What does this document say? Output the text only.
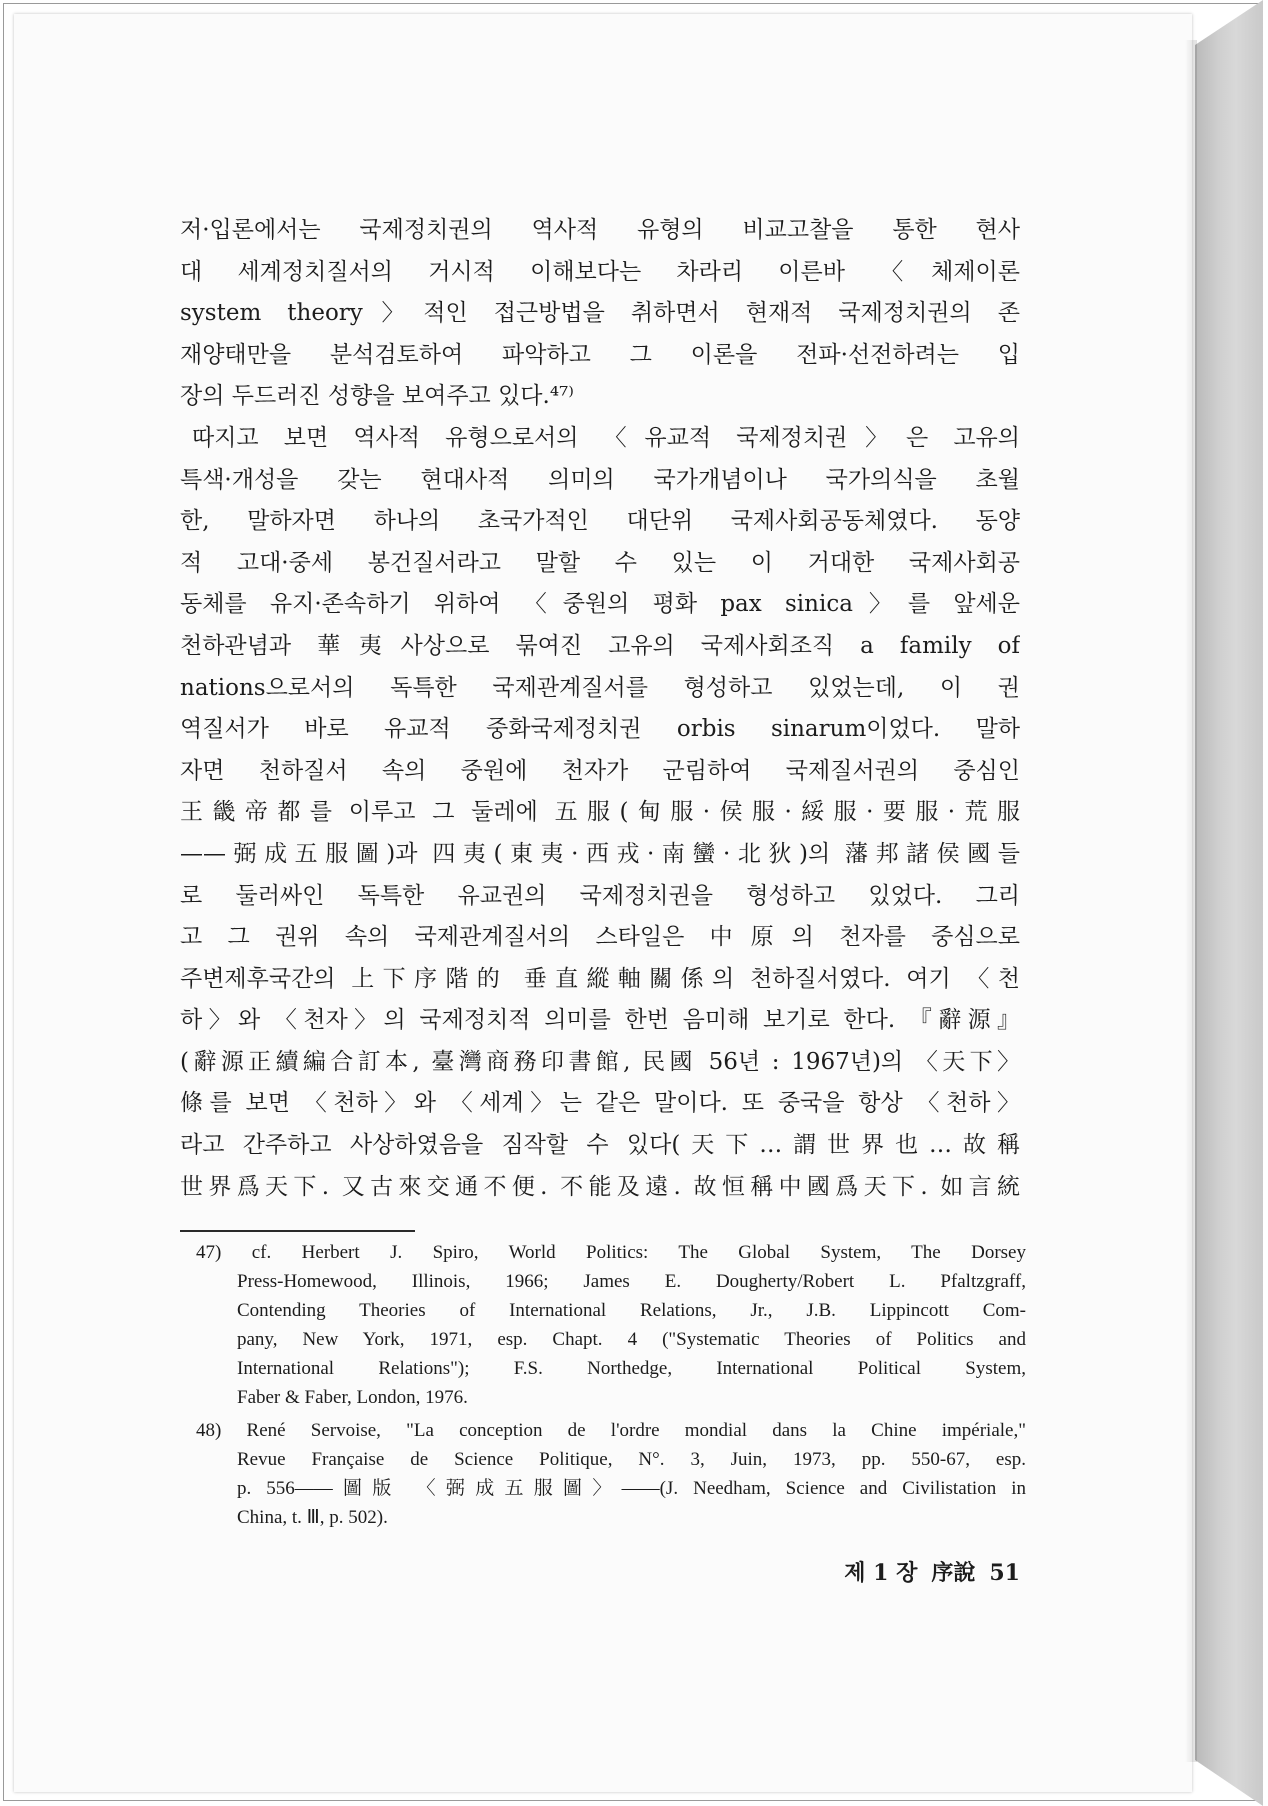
저·입론에서는 국제정치권의 역사적 유형의 비교고찰을 통한 현사
대 세계정치질서의 거시적 이해보다는 차라리 이른바 〈체제이론
system theory〉적인 접근방법을 취하면서 현재적 국제정치권의 존
재양태만을 분석검토하여 파악하고 그 이론을 전파·선전하려는 입
장의 두드러진 성향을 보여주고 있다.⁴⁷⁾
따지고 보면 역사적 유형으로서의 〈유교적 국제정치권〉은 고유의
특색·개성을 갖는 현대사적 의미의 국가개념이나 국가의식을 초월
한, 말하자면 하나의 초국가적인 대단위 국제사회공동체였다. 동양
적 고대·중세 봉건질서라고 말할 수 있는 이 거대한 국제사회공
동체를 유지·존속하기 위하여 〈중원의 평화 pax sinica〉를 앞세운
천하관념과 華夷사상으로 묶여진 고유의 국제사회조직 a family of
nations으로서의 독특한 국제관계질서를 형성하고 있었는데, 이 권
역질서가 바로 유교적 중화국제정치권 orbis sinarum이었다. 말하
자면 천하질서 속의 중원에 천자가 군림하여 국제질서권의 중심인
王畿帝都를 이루고 그 둘레에 五服(甸服·侯服·綏服·要服·荒服
——弼成五服圖)과 四夷(東夷·西戎·南蠻·北狄)의 藩邦諸侯國들
로 둘러싸인 독특한 유교권의 국제정치권을 형성하고 있었다. 그리
고 그 권위 속의 국제관계질서의 스타일은 中原의 천자를 중심으로
주변제후국간의 上下序階的 垂直縱軸關係의 천하질서였다. 여기 〈천
하〉와 〈천자〉의 국제정치적 의미를 한번 음미해 보기로 한다. 『辭源』
(辭源正續編合訂本, 臺灣商務印書館, 民國 56년 : 1967년)의 〈天下〉
條를 보면 〈천하〉와 〈세계〉는 같은 말이다. 또 중국을 항상 〈천하〉
라고 간주하고 사상하였음을 짐작할 수 있다(天下…謂世界也…故稱
世界爲天下. 又古來交通不便. 不能及遠. 故恒稱中國爲天下. 如言統
47) cf. Herbert J. Spiro, World Politics: The Global System, The Dorsey
Press-Homewood, Illinois, 1966; James E. Dougherty/Robert L. Pfaltzgraff,
Contending Theories of International Relations, Jr., J.B. Lippincott Com-
pany, New York, 1971, esp. Chapt. 4 ("Systematic Theories of Politics and
International Relations"); F.S. Northedge, International Political System,
Faber & Faber, London, 1976.
48) René Servoise, "La conception de l'ordre mondial dans la Chine impériale,"
Revue Française de Science Politique, N°. 3, Juin, 1973, pp. 550-67, esp.
p. 556——圖版 〈弼成五服圖〉——(J. Needham, Science and Civilistation in
China, t. Ⅲ, p. 502).
제 1 장 序說 51
